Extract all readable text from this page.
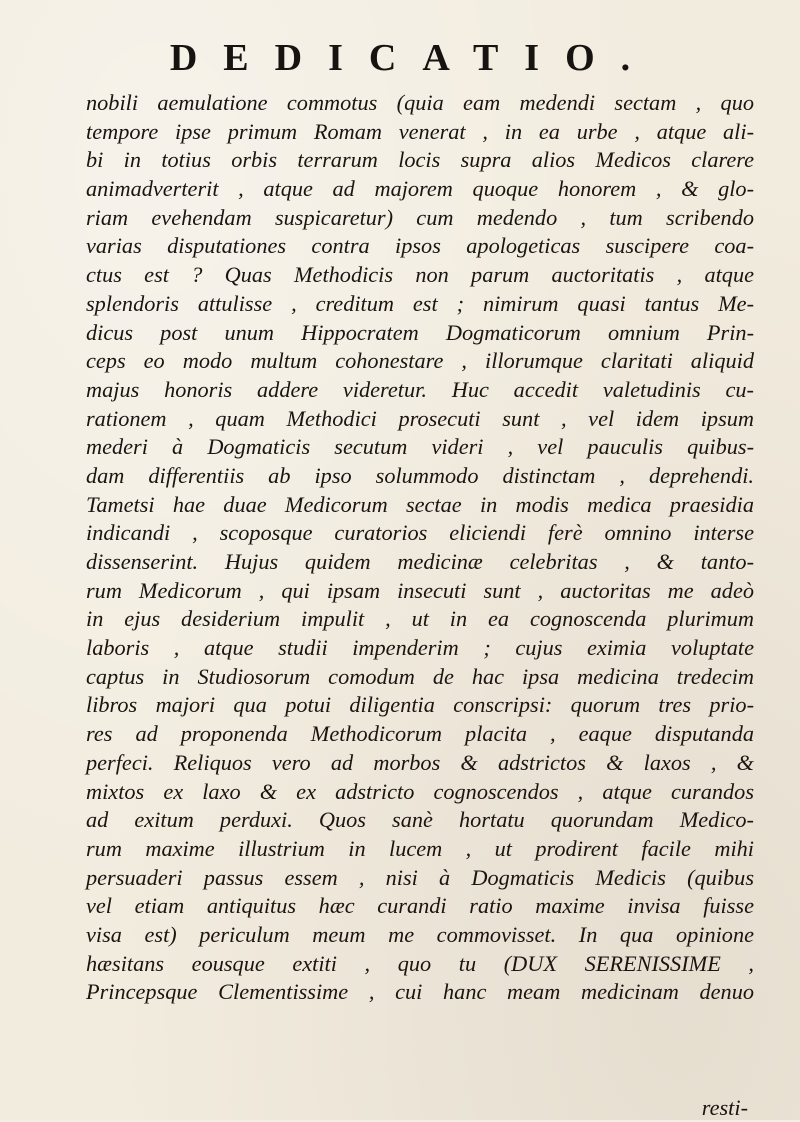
DEDICATIO.
nobili aemulatione commotus (quia eam medendi sectam , quo
tempore ipse primum Romam venerat , in ea urbe , atque ali-
bi in totius orbis terrarum locis supra alios Medicos clarere
animadverterit , atque ad majorem quoque honorem , & glo-
riam evehendam suspicaretur) cum medendo , tum scribendo
varias disputationes contra ipsos apologeticas suscipere coa-
ctus est ? Quas Methodicis non parum auctoritatis , atque
splendoris attulisse , creditum est ; nimirum quasi tantus Me-
dicus post unum Hippocratem Dogmaticorum omnium Prin-
ceps eo modo multum cohonestare , illorumque claritati aliquid
majus honoris addere videretur. Huc accedit valetudinis cu-
rationem , quam Methodici prosecuti sunt , vel idem ipsum
mederi à Dogmaticis secutum videri , vel pauculis quibus-
dam differentiis ab ipso solummodo distinctam , deprehendi.
Tametsi hae duae Medicorum sectae in modis medica praesidia
indicandi , scoposque curatorios eliciendi ferè omnino interse
dissenserint. Hujus quidem medicinæ celebritas , & tanto-
rum Medicorum , qui ipsam insecuti sunt , auctoritas me adeò
in ejus desiderium impulit , ut in ea cognoscenda plurimum
laboris , atque studii impenderim ; cujus eximia voluptate
captus in Studiosorum comodum de hac ipsa medicina tredecim
libros majori qua potui diligentia conscripsi: quorum tres prio-
res ad proponenda Methodicorum placita , eaque disputanda
perfeci. Reliquos vero ad morbos & adstrictos & laxos , &
mixtos ex laxo & ex adstricto cognoscendos , atque curandos
ad exitum perduxi. Quos sanè hortatu quorundam Medico-
rum maxime illustrium in lucem , ut prodirent facile mihi
persuaderi passus essem , nisi à Dogmaticis Medicis (quibus
vel etiam antiquitus hæc curandi ratio maxime invisa fuisse
visa est) periculum meum me commovisset. In qua opinione
hæsitans eousque extiti , quo tu (DUX SERENISSIME ,
Princepsque Clementissime , cui hanc meam medicinam denuo
resti-
